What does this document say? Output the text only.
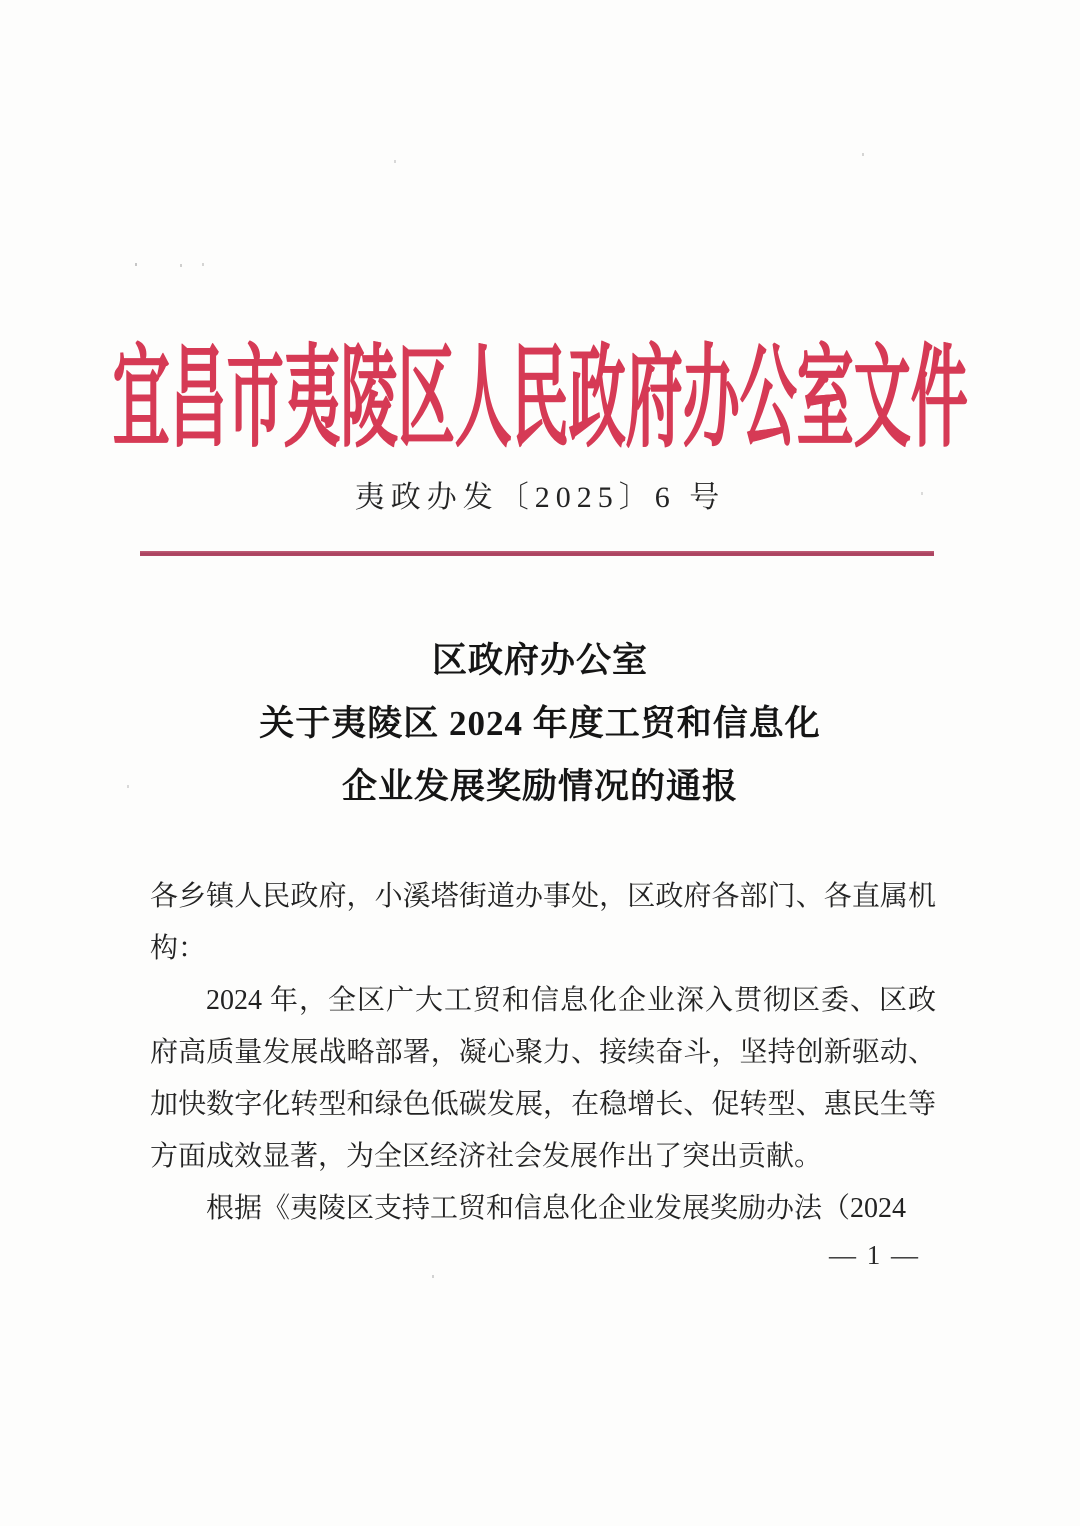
宜昌市夷陵区人民政府办公室文件
夷政办发〔2025〕6 号
区政府办公室
关于夷陵区 2024 年度工贸和信息化
企业发展奖励情况的通报

各乡镇人民政府，小溪塔街道办事处，区政府各部门、各直属机构：

2024 年，全区广大工贸和信息化企业深入贯彻区委、区政府高质量发展战略部署，凝心聚力、接续奋斗，坚持创新驱动、加快数字化转型和绿色低碳发展，在稳增长、促转型、惠民生等方面成效显著，为全区经济社会发展作出了突出贡献。

根据《夷陵区支持工贸和信息化企业发展奖励办法（2024

— 1 —
